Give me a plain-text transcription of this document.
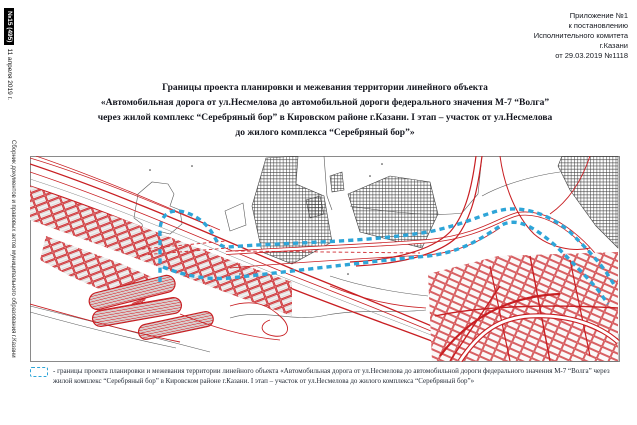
№15 (495)
11 апреля 2019 г.
Сборник документов и правовых актов муниципального образования г.Казани
Приложение №1
к постановлению
Исполнительного комитета
г.Казани
от 29.03.2019 №1118
Границы проекта планировки и межевания территории линейного объекта
«Автомобильная дорога от ул.Несмелова до автомобильной дороги федерального значения М-7 “Волга”
через жилой комплекс “Серебряный бор” в Кировском районе г.Казани. I этап – участок от ул.Несмелова
до жилого комплекса “Серебряный бор”»
- границы проекта планировки и межевания территории линейного объекта «Автомобильная дорога от ул.Несмелова до автомобильной дороги федерального значения М-7 “Волга” через жилой комплекс “Серебряный бор” в Кировском районе г.Казани. I этап – участок от ул.Несмелова до жилого комплекса “Серебряный бор”»
